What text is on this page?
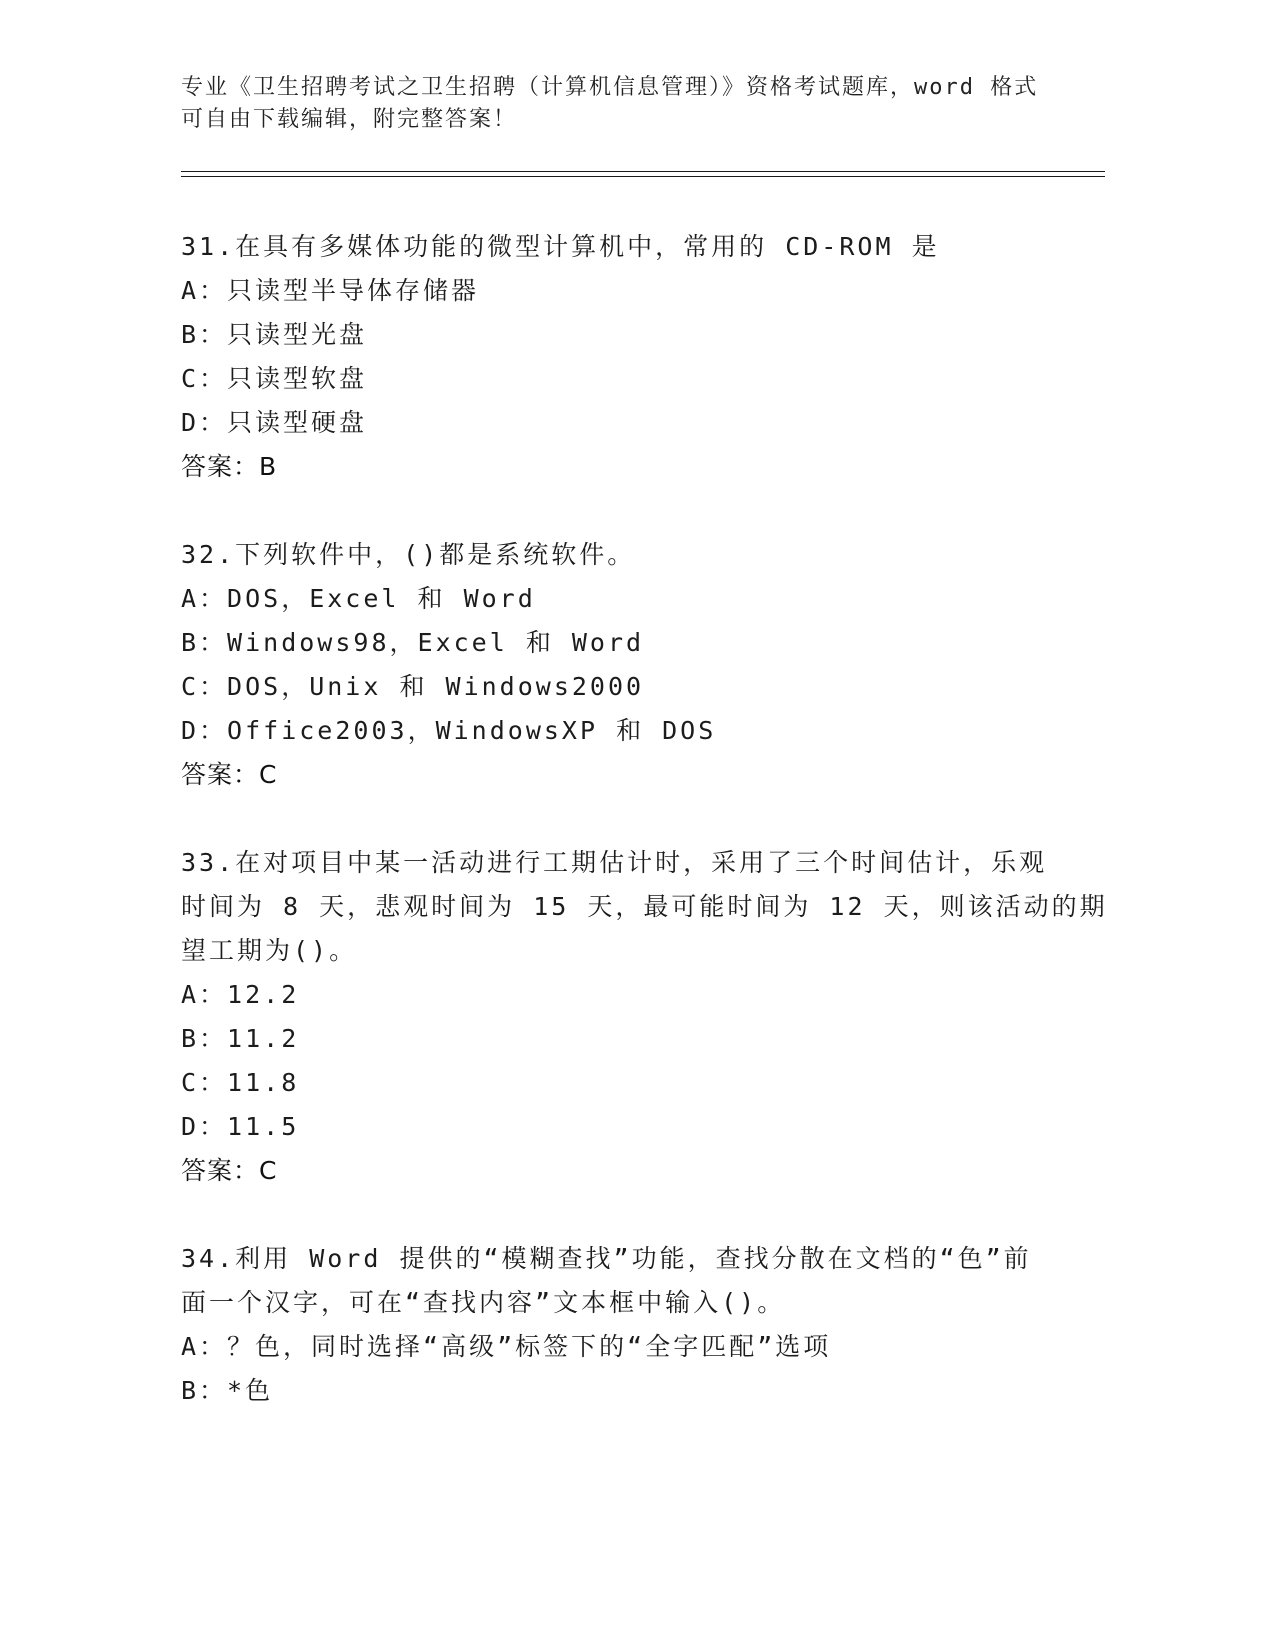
专业《卫生招聘考试之卫生招聘（计算机信息管理）》资格考试题库，word 格式
可自由下载编辑，附完整答案！
31.在具有多媒体功能的微型计算机中，常用的 CD-ROM 是
A：只读型半导体存储器
B：只读型光盘
C：只读型软盘
D：只读型硬盘
答案：B
32.下列软件中，()都是系统软件。
A：DOS，Excel 和 Word
B：Windows98，Excel 和 Word
C：DOS，Unix 和 Windows2000
D：Office2003，WindowsXP 和 DOS
答案：C
33.在对项目中某一活动进行工期估计时，采用了三个时间估计，乐观
时间为 8 天，悲观时间为 15 天，最可能时间为 12 天，则该活动的期
望工期为()。
A：12.2
B：11.2
C：11.8
D：11.5
答案：C
34.利用 Word 提供的“模糊查找”功能，查找分散在文档的“色”前
面一个汉字，可在“查找内容”文本框中输入()。
A：？色，同时选择“高级”标签下的“全字匹配”选项
B：*色
